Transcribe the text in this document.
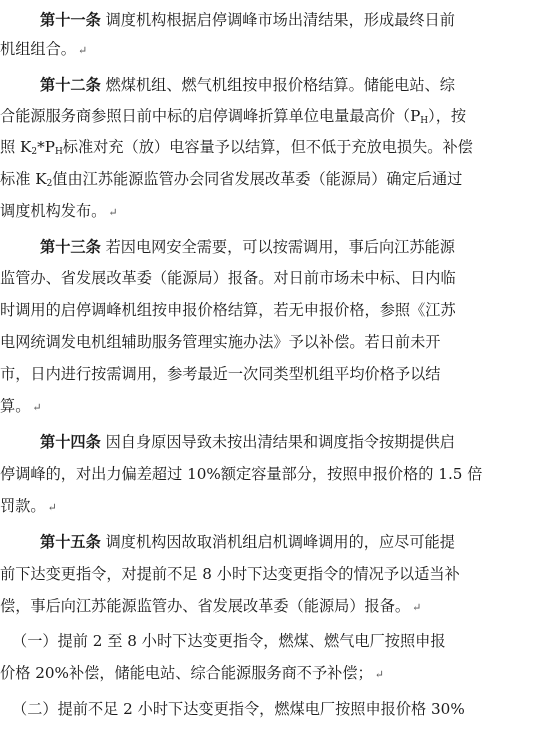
第十一条 调度机构根据启停调峰市场出清结果，形成最终日前
机组组合。 ↵
第十二条 燃煤机组、燃气机组按申报价格结算。储能电站、综
合能源服务商参照日前中标的启停调峰折算单位电量最高价$(P_H)$，按
照 $K_2*P_H$标准对充（放）电容量予以结算，但不低于充放电损失。补偿
标准 $K_2$值由江苏能源监管办会同省发展改革委（能源局）确定后通过
调度机构发布。 ↵
第十三条 若因电网安全需要，可以按需调用，事后向江苏能源
监管办、省发展改革委（能源局）报备。对日前市场未中标、日内临
时调用的启停调峰机组按申报价格结算，若无申报价格，参照《江苏
电网统调发电机组辅助服务管理实施办法》予以补偿。若日前未开
市，日内进行按需调用，参考最近一次同类型机组平均价格予以结
算。 ↵
第十四条 因自身原因导致未按出清结果和调度指令按期提供启
停调峰的，对出力偏差超过 10%额定容量部分，按照申报价格的 1.5 倍
罚款。 ↵
第十五条 调度机构因故取消机组启机调峰调用的，应尽可能提
前下达变更指令，对提前不足 8 小时下达变更指令的情况予以适当补
偿，事后向江苏能源监管办、省发展改革委（能源局）报备。 ↵
（一）提前 2 至 8 小时下达变更指令，燃煤、燃气电厂按照申报
价格 20%补偿，储能电站、综合能源服务商不予补偿； ↵
（二）提前不足 2 小时下达变更指令，燃煤电厂按照申报价格 30%
